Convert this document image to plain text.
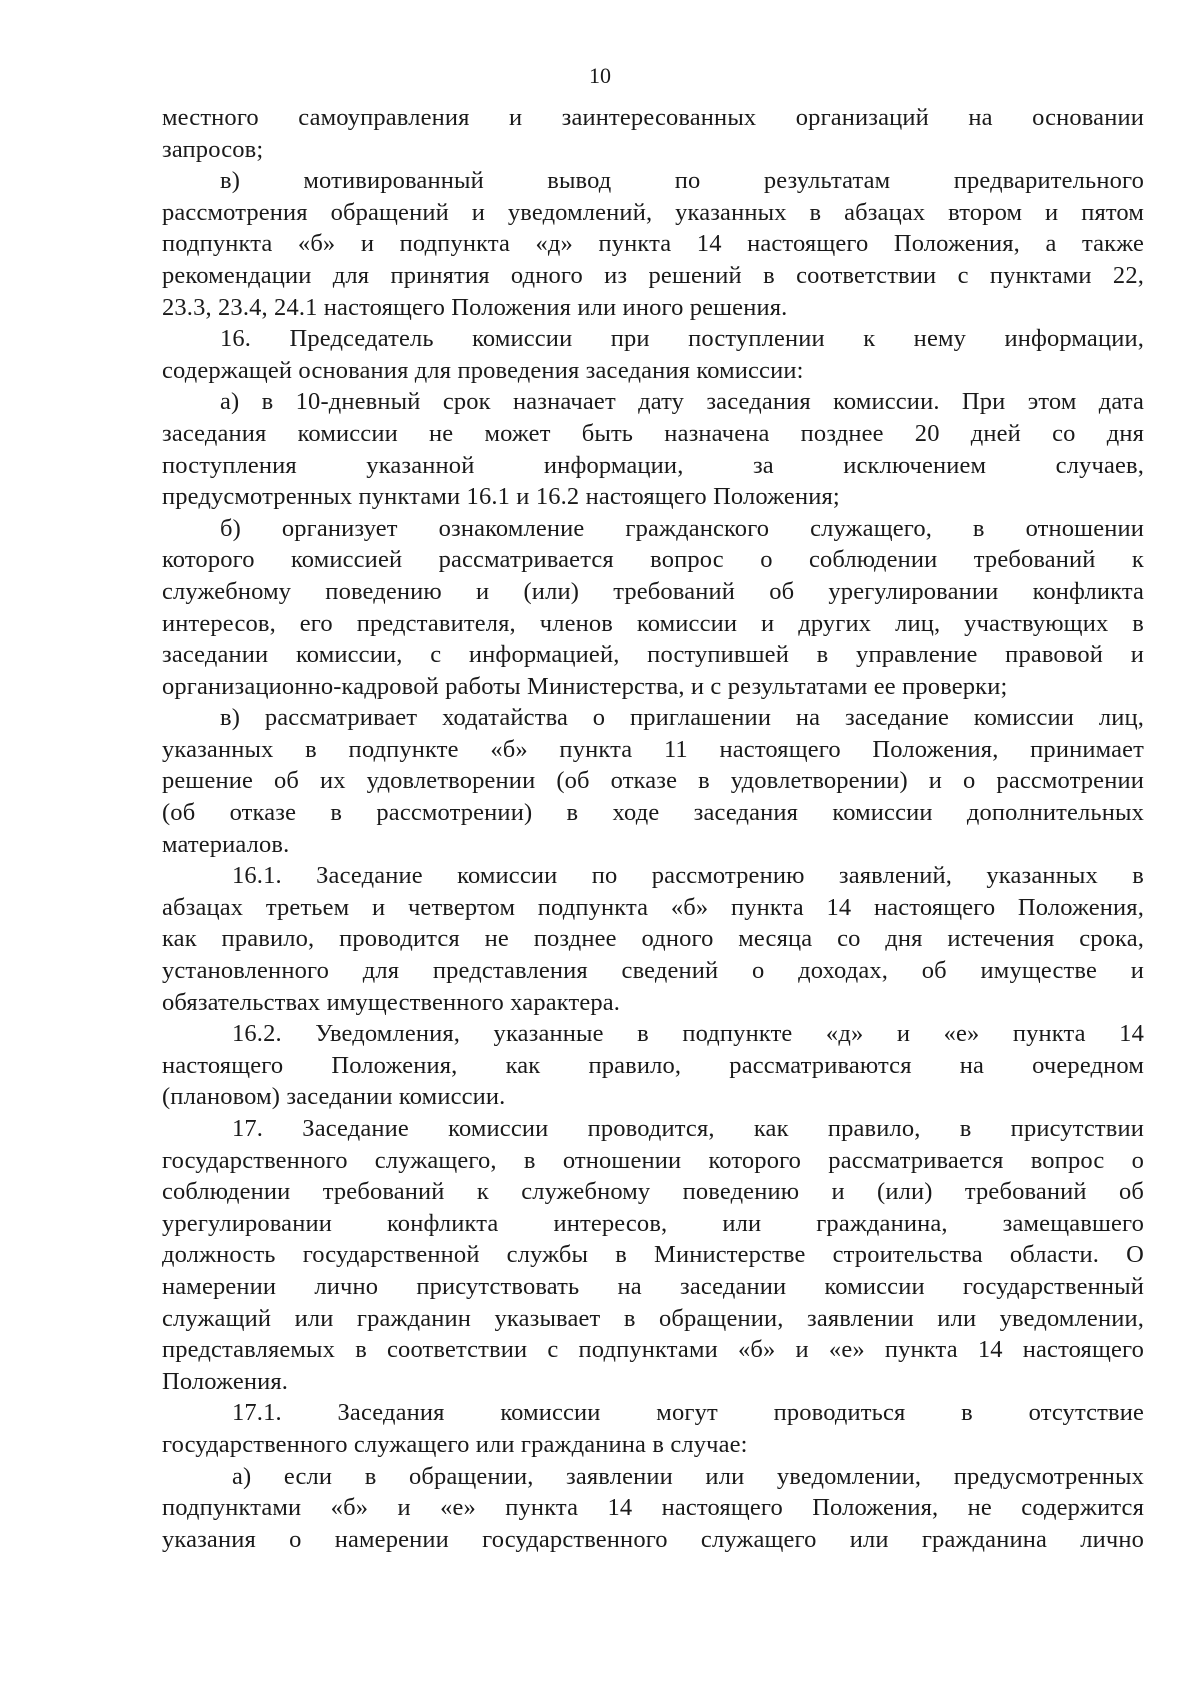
10
местного самоуправления и заинтересованных организаций на основании
запросов;
в) мотивированный вывод по результатам предварительного
рассмотрения обращений и уведомлений, указанных в абзацах втором и пятом
подпункта «б» и подпункта «д» пункта 14 настоящего Положения, а также
рекомендации для принятия одного из решений в соответствии с пунктами 22,
23.3, 23.4, 24.1 настоящего Положения или иного решения.
16. Председатель комиссии при поступлении к нему информации,
содержащей основания для проведения заседания комиссии:
а) в 10-дневный срок назначает дату заседания комиссии. При этом дата
заседания комиссии не может быть назначена позднее 20 дней со дня
поступления указанной информации, за исключением случаев,
предусмотренных пунктами 16.1 и 16.2 настоящего Положения;
б) организует ознакомление гражданского служащего, в отношении
которого комиссией рассматривается вопрос о соблюдении требований к
служебному поведению и (или) требований об урегулировании конфликта
интересов, его представителя, членов комиссии и других лиц, участвующих в
заседании комиссии, с информацией, поступившей в управление правовой и
организационно-кадровой работы Министерства, и с результатами ее проверки;
в) рассматривает ходатайства о приглашении на заседание комиссии лиц,
указанных в подпункте «б» пункта 11 настоящего Положения, принимает
решение об их удовлетворении (об отказе в удовлетворении) и о рассмотрении
(об отказе в рассмотрении) в ходе заседания комиссии дополнительных
материалов.
16.1. Заседание комиссии по рассмотрению заявлений, указанных в
абзацах третьем и четвертом подпункта «б» пункта 14 настоящего Положения,
как правило, проводится не позднее одного месяца со дня истечения срока,
установленного для представления сведений о доходах, об имуществе и
обязательствах имущественного характера.
16.2. Уведомления, указанные в подпункте «д» и «е» пункта 14
настоящего Положения, как правило, рассматриваются на очередном
(плановом) заседании комиссии.
17. Заседание комиссии проводится, как правило, в присутствии
государственного служащего, в отношении которого рассматривается вопрос о
соблюдении требований к служебному поведению и (или) требований об
урегулировании конфликта интересов, или гражданина, замещавшего
должность государственной службы в Министерстве строительства области. О
намерении лично присутствовать на заседании комиссии государственный
служащий или гражданин указывает в обращении, заявлении или уведомлении,
представляемых в соответствии с подпунктами «б» и «е» пункта 14 настоящего
Положения.
17.1. Заседания комиссии могут проводиться в отсутствие
государственного служащего или гражданина в случае:
а) если в обращении, заявлении или уведомлении, предусмотренных
подпунктами «б» и «е» пункта 14 настоящего Положения, не содержится
указания о намерении государственного служащего или гражданина лично
